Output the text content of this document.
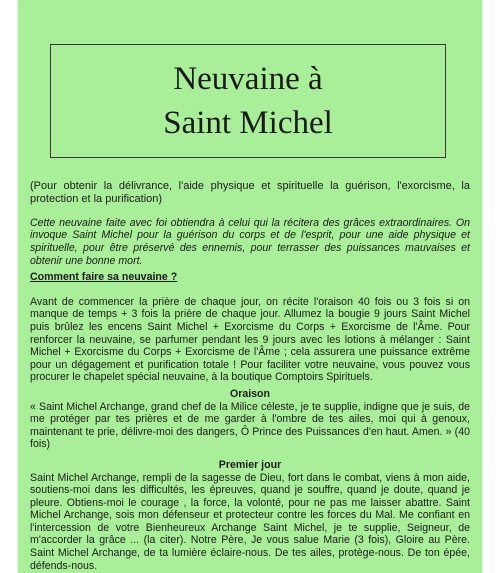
Neuvaine à
Saint Michel

(Pour obtenir la délivrance, l'aide physique et spirituelle la guérison, l'exorcisme, la protection et la purification)

Cette neuvaine faite avec foi obtiendra à celui qui la récitera des grâces extraordinaires. On invoque Saint Michel pour la guérison du corps et de l'esprit, pour une aide physique et spirituelle, pour être préservé des ennemis, pour terrasser des puissances mauvaises et obtenir une bonne mort.

Comment faire sa neuvaine ?

Avant de commencer la prière de chaque jour, on récite l'oraison 40 fois ou 3 fois si on manque de temps + 3 fois la prière de chaque jour. Allumez la bougie 9 jours Saint Michel puis brûlez les encens Saint Michel + Exorcisme du Corps + Exorcisme de l'Âme. Pour renforcer la neuvaine, se parfumer pendant les 9 jours avec les lotions à mélanger : Saint Michel + Exorcisme du Corps + Exorcisme de l'Âme ; cela assurera une puissance extrême pour un dégagement et purification totale ! Pour faciliter votre neuvaine, vous pouvez vous procurer le chapelet spécial neuvaine, à la boutique Comptoirs Spirituels.

Oraison

« Saint Michel Archange, grand chef de la Milice céleste, je te supplie, indigne que je suis, de me protéger par tes prières et de me garder à l'ombre de tes ailes, moi qui à genoux, maintenant te prie, délivre-moi des dangers, Ô Prince des Puissances d'en haut. Amen. » (40 fois)

Premier jour

Saint Michel Archange, rempli de la sagesse de Dieu, fort dans le combat, viens à mon aide, soutiens-moi dans les difficultés, les épreuves, quand je souffre, quand je doute, quand je pleure. Obtiens-moi le courage , la force, la volonté, pour ne pas me laisser abattre. Saint Michel Archange, sois mon défenseur et protecteur contre les forces du Mal. Me confiant en l'intercession de votre Bienheureux Archange Saint Michel, je te supplie, Seigneur, de m'accorder la grâce ... (la citer). Notre Père, Je vous salue Marie (3 fois), Gloire au Père. Saint Michel Archange, de ta lumière éclaire-nous. De tes ailes, protège-nous. De ton épée, défends-nous.
